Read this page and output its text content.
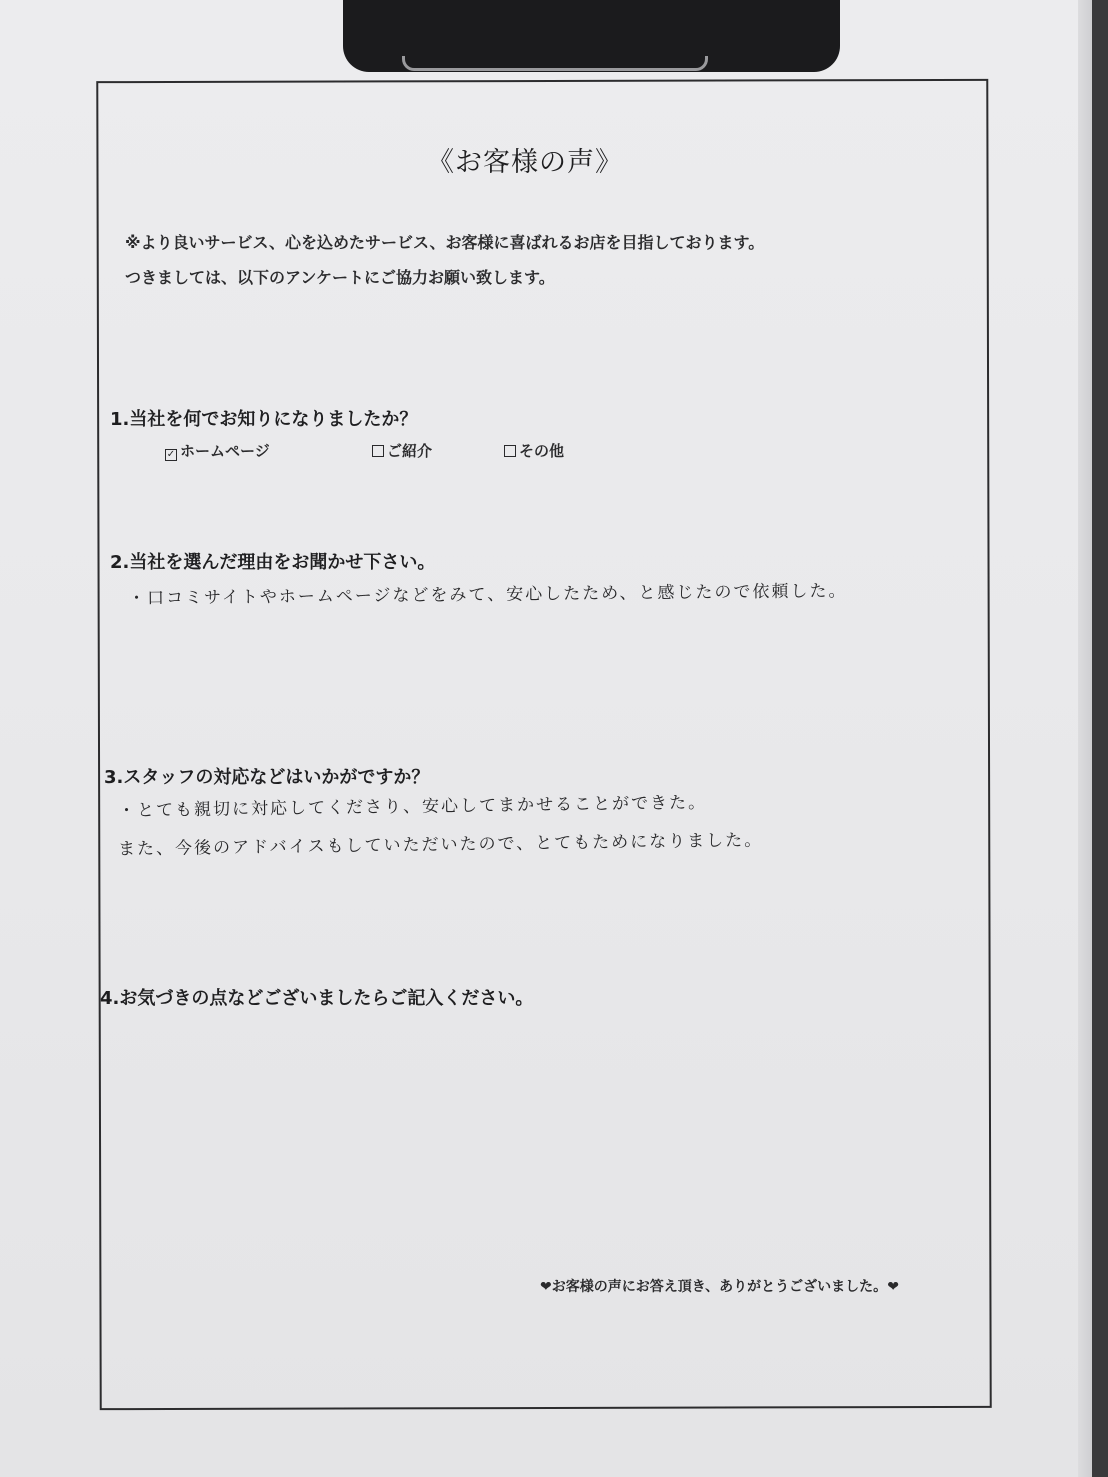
《お客様の声》
※より良いサービス、心を込めたサービス、お客様に喜ばれるお店を目指しております。
つきましては、以下のアンケートにご協力お願い致します。
1.当社を何でお知りになりましたか？
✓ ホームページ	ご紹介	その他
2.当社を選んだ理由をお聞かせ下さい。
・口コミサイトやホームページなどをみて、安心したため、と感じたので依頼した。
3.スタッフの対応などはいかがですか？
・とても親切に対応してくださり、安心してまかせることができた。
また、今後のアドバイスもしていただいたので、とてもためになりました。
4.お気づきの点などございましたらご記入ください。
❤お客様の声にお答え頂き、ありがとうございました。❤
